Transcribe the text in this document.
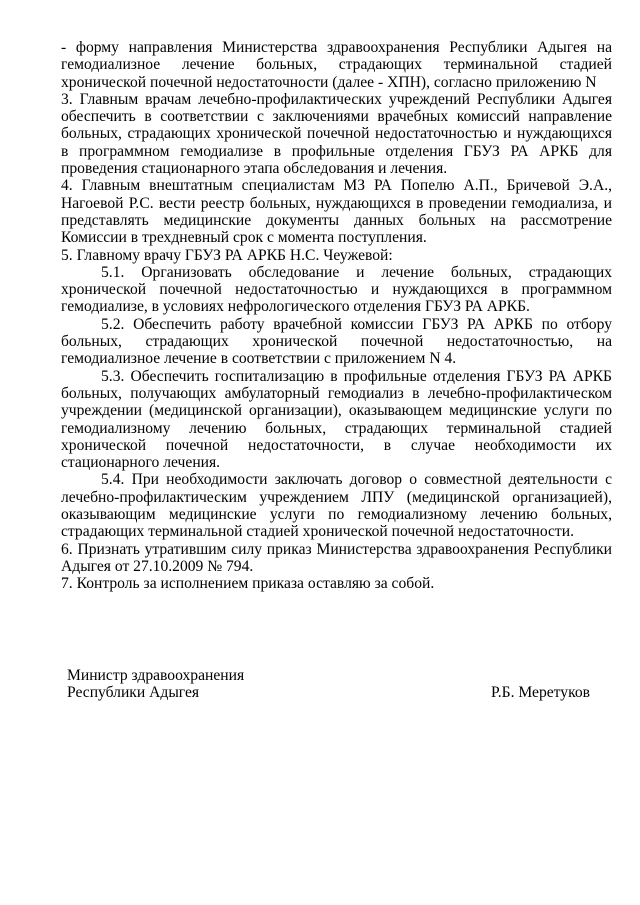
- форму направления Министерства здравоохранения Республики Адыгея на гемодиализное лечение больных, страдающих терминальной стадией хронической почечной недостаточности (далее - ХПН), согласно приложению N

3. Главным врачам лечебно-профилактических учреждений Республики Адыгея обеспечить в соответствии с заключениями врачебных комиссий направление больных, страдающих хронической почечной недостаточностью и нуждающихся в программном гемодиализе в профильные отделения ГБУЗ РА АРКБ для проведения стационарного этапа обследования и лечения.

4. Главным внештатным специалистам МЗ РА Попелю А.П., Бричевой Э.А., Нагоевой Р.С. вести реестр больных, нуждающихся в проведении гемодиализа, и представлять медицинские документы данных больных на рассмотрение Комиссии в трехдневный срок с момента поступления.

5. Главному врачу ГБУЗ РА АРКБ Н.С. Чеужевой:

5.1. Организовать обследование и лечение больных, страдающих хронической почечной недостаточностью и нуждающихся в программном гемодиализе, в условиях нефрологического отделения ГБУЗ РА АРКБ.

5.2. Обеспечить работу врачебной комиссии ГБУЗ РА АРКБ по отбору больных, страдающих хронической почечной недостаточностью, на гемодиализное лечение в соответствии с приложением N 4.

5.3. Обеспечить госпитализацию в профильные отделения ГБУЗ РА АРКБ больных, получающих амбулаторный гемодиализ в лечебно-профилактическом учреждении (медицинской организации), оказывающем медицинские услуги по гемодиализному лечению больных, страдающих терминальной стадией хронической почечной недостаточности, в случае необходимости их стационарного лечения.

5.4. При необходимости заключать договор о совместной деятельности с лечебно-профилактическим учреждением ЛПУ (медицинской организацией), оказывающим медицинские услуги по гемодиализному лечению больных, страдающих терминальной стадией хронической почечной недостаточности.

6. Признать утратившим силу приказ Министерства здравоохранения Республики Адыгея от 27.10.2009 № 794.

7. Контроль за исполнением приказа оставляю за собой.

Министр здравоохранения
Республики Адыгея	Р.Б. Меретуков
